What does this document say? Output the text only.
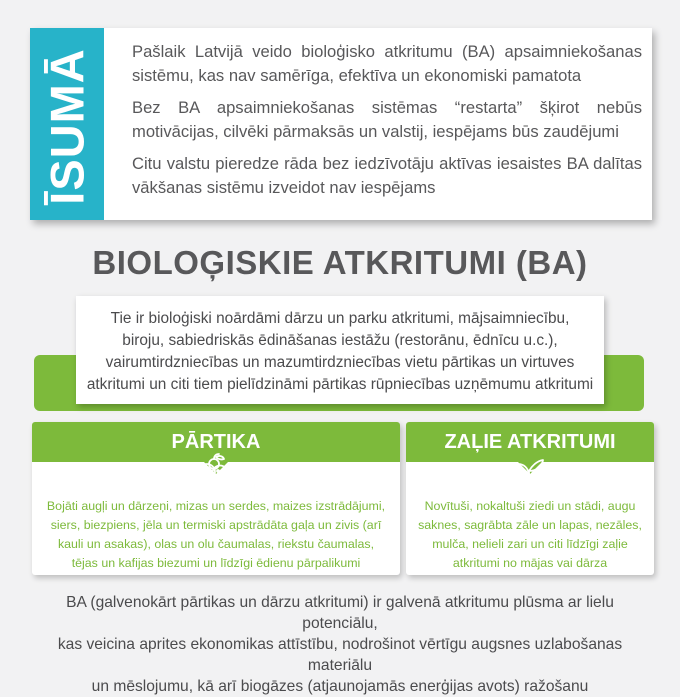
ĪSUMĀ Pašlaik Latvijā veido bioloģisko atkritumu (BA) apsaimniekošanas sistēmu, kas nav samērīga, efektīva un ekonomiski pamatota

Bez BA apsaimniekošanas sistēmas “restarta” šķirot nebūs motivācijas, cilvēki pārmaksās un valstij, iespējams būs zaudējumi

Citu valstu pieredze rāda bez iedzīvotāju aktīvas iesaistes BA dalītas vākšanas sistēmu izveidot nav iespējams

BIOLOĢISKIE ATKRITUMI (BA)
Tie ir bioloģiski noārdāmi dārzu un parku atkritumi, mājsaimniecību,
biroju, sabiedriskās ēdināšanas iestāžu (restorānu, ēdnīcu u.c.),
vairumtirdzniecības un mazumtirdzniecības vietu pārtikas un virtuves
atkritumi un citi tiem pielīdzināmi pārtikas rūpniecības uzņēmumu atkritumi
PĀRTIKA
Bojāti augļi un dārzeņi, mizas un serdes, maizes izstrādājumi,
siers, biezpiens, jēla un termiski apstrādāta gaļa un zivis (arī
kauli un asakas), olas un olu čaumalas, riekstu čaumalas,
tējas un kafijas biezumi un līdzīgi ēdienu pārpalikumi
ZAĻIE ATKRITUMI
Novītuši, nokaltuši ziedi un stādi, augu
saknes, sagrābta zāle un lapas, nezāles,
mulča, nelieli zari un citi līdzīgi zaļie
atkritumi no mājas vai dārza
BA (galvenokārt pārtikas un dārzu atkritumi) ir galvenā atkritumu plūsma ar lielu potenciālu,
kas veicina aprites ekonomikas attīstību, nodrošinot vērtīgu augsnes uzlabošanas materiālu
un mēslojumu, kā arī biogāzes (atjaunojamās enerģijas avots) ražošanu
